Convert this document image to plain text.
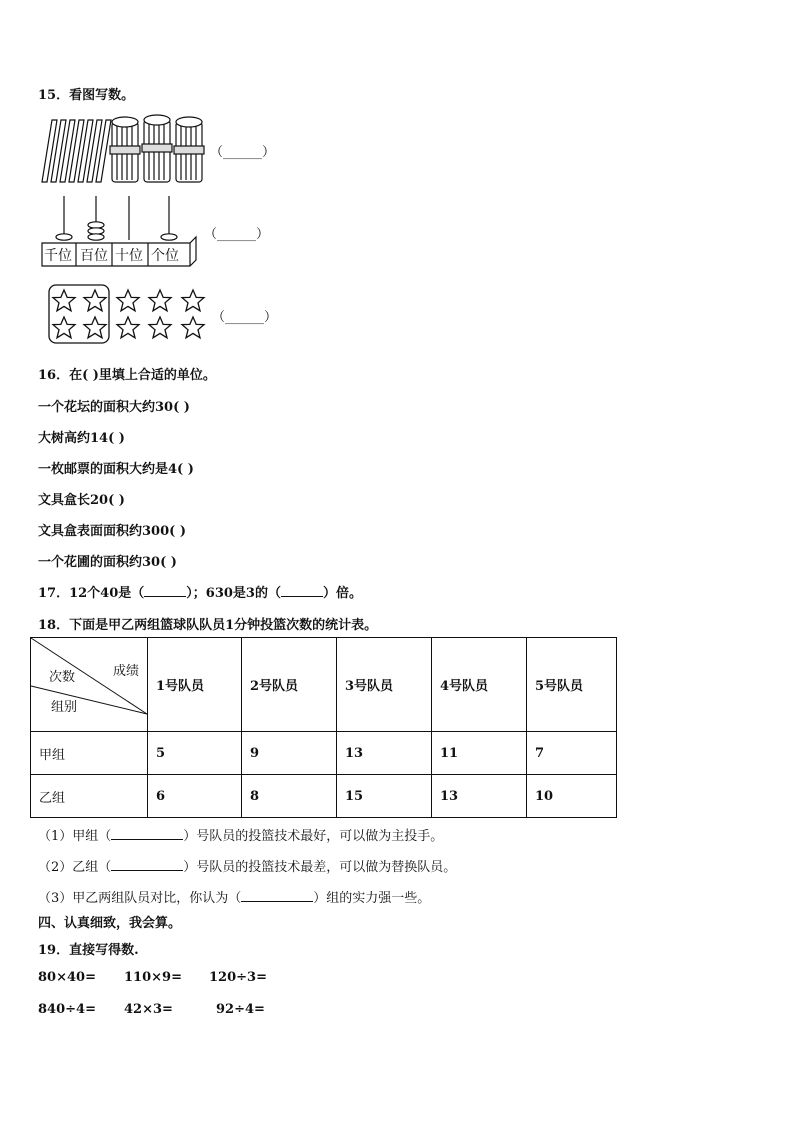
15．看图写数。
（______）
千位 百位 十位 个位
（______）
（______）
16．在( )里填上合适的单位。
一个花坛的面积大约30( )
大树高约14( )
一枚邮票的面积大约是4( )
文具盒长20( )
文具盒表面面积约300( )
一个花圃的面积约30( )
17．12个40是（	）；630是3的（	）倍。
18．下面是甲乙两组篮球队队员1分钟投篮次数的统计表。
成绩
次数
组别	1号队员	2号队员	3号队员	4号队员	5号队员
甲组	5	9	13	11	7
乙组	6	8	15	13	10
（1）甲组（	）号队员的投篮技术最好，可以做为主投手。
（2）乙组（	）号队员的投篮技术最差，可以做为替换队员。
（3）甲乙两组队员对比，你认为（	）组的实力强一些。
四、认真细致，我会算。
19．直接写得数.
80×40= 110×9= 120÷3=
840÷4= 42×3=	92÷4=
